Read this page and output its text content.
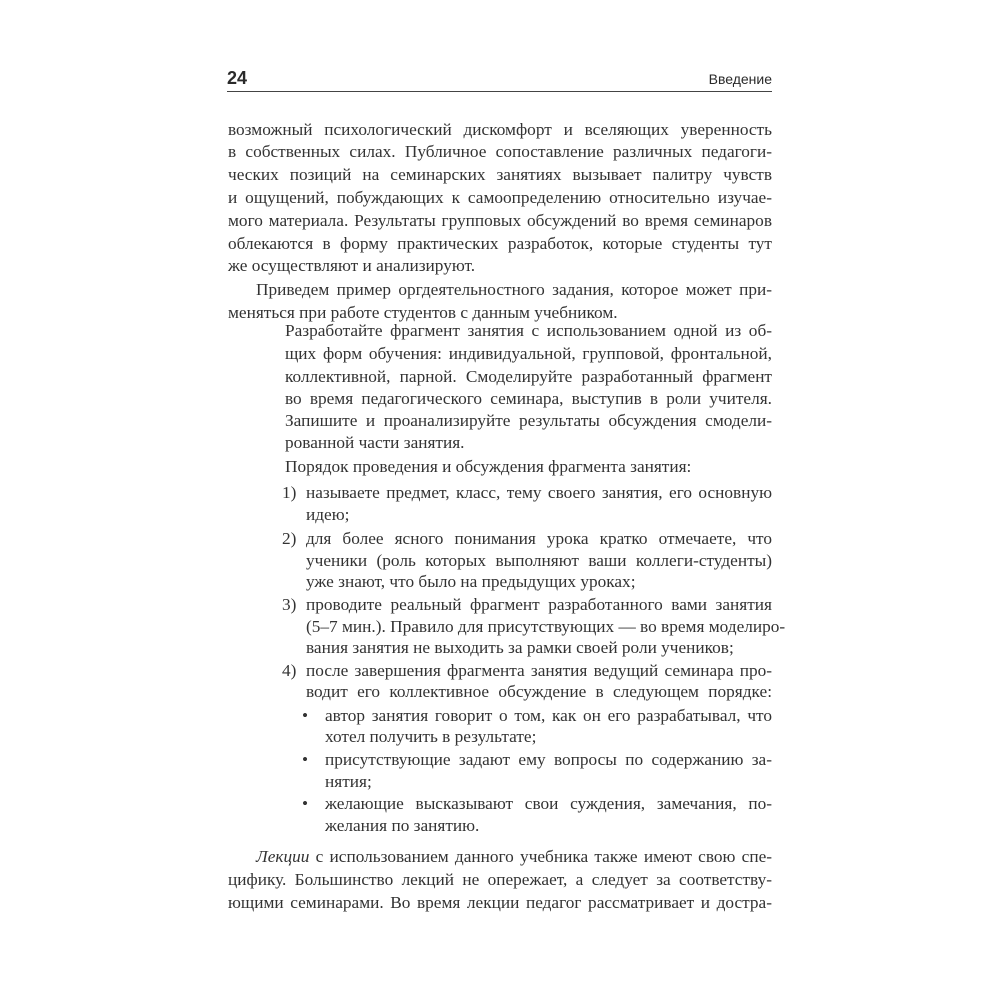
24	Введение
возможный психологический дискомфорт и вселяющих уверенность
в собственных силах. Публичное сопоставление различных педагоги-
ческих позиций на семинарских занятиях вызывает палитру чувств
и ощущений, побуждающих к самоопределению относительно изучае-
мого материала. Результаты групповых обсуждений во время семинаров
облекаются в форму практических разработок, которые студенты тут
же осуществляют и анализируют.
Приведем пример оргдеятельностного задания, которое может при-
меняться при работе студентов с данным учебником.
Разработайте фрагмент занятия с использованием одной из об-
щих форм обучения: индивидуальной, групповой, фронтальной,
коллективной, парной. Смоделируйте разработанный фрагмент
во время педагогического семинара, выступив в роли учителя.
Запишите и проанализируйте результаты обсуждения смодели-
рованной части занятия.
Порядок проведения и обсуждения фрагмента занятия:
1) называете предмет, класс, тему своего занятия, его основную
идею;
2) для более ясного понимания урока кратко отмечаете, что
ученики (роль которых выполняют ваши коллеги-студенты)
уже знают, что было на предыдущих уроках;
3) проводите реальный фрагмент разработанного вами занятия
(5–7 мин.). Правило для присутствующих — во время моделиро-
вания занятия не выходить за рамки своей роли учеников;
4) после завершения фрагмента занятия ведущий семинара про-
водит его коллективное обсуждение в следующем порядке:
• автор занятия говорит о том, как он его разрабатывал, что
хотел получить в результате;
• присутствующие задают ему вопросы по содержанию за-
нятия;
• желающие высказывают свои суждения, замечания, по-
желания по занятию.
Лекции с использованием данного учебника также имеют свою спе-
цифику. Большинство лекций не опережает, а следует за соответству-
ющими семинарами. Во время лекции педагог рассматривает и достра-
